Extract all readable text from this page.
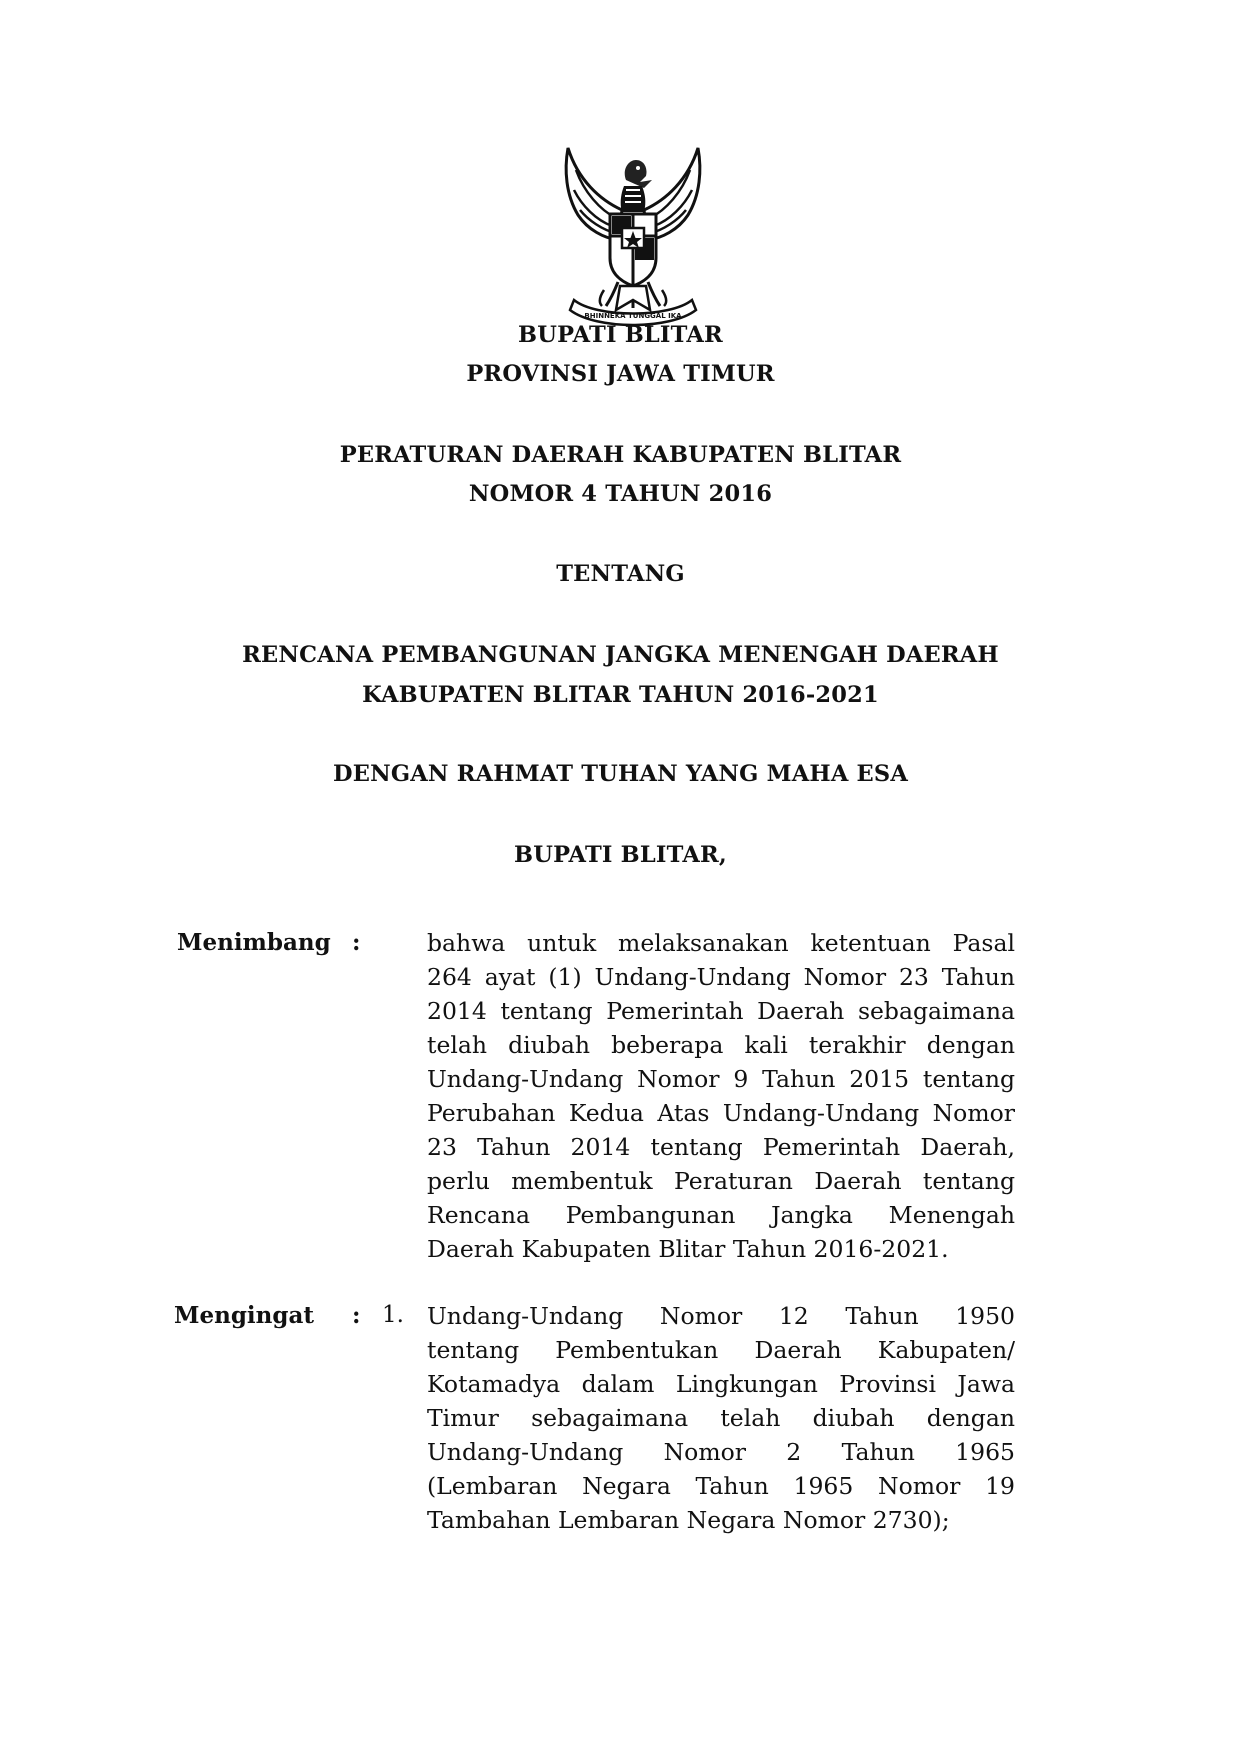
BHINNEKA TUNGGAL IKA
BUPATI BLITAR
PROVINSI JAWA TIMUR
PERATURAN DAERAH KABUPATEN BLITAR
NOMOR 4 TAHUN 2016
TENTANG
RENCANA PEMBANGUNAN JANGKA MENENGAH DAERAH
KABUPATEN BLITAR TAHUN 2016-2021
DENGAN RAHMAT TUHAN YANG MAHA ESA
BUPATI BLITAR,
Menimbang :	bahwa untuk melaksanakan ketentuan Pasal
264 ayat (1) Undang-Undang Nomor 23 Tahun
2014 tentang Pemerintah Daerah sebagaimana
telah diubah beberapa kali terakhir dengan
Undang-Undang Nomor 9 Tahun 2015 tentang
Perubahan Kedua Atas Undang-Undang Nomor
23 Tahun 2014 tentang Pemerintah Daerah,
perlu membentuk Peraturan Daerah tentang
Rencana Pembangunan Jangka Menengah
Daerah Kabupaten Blitar Tahun 2016-2021.
Mengingat : 1. Undang-Undang Nomor 12 Tahun 1950
tentang Pembentukan Daerah Kabupaten/
Kotamadya dalam Lingkungan Provinsi Jawa
Timur sebagaimana telah diubah dengan
Undang-Undang Nomor 2 Tahun 1965
(Lembaran Negara Tahun 1965 Nomor 19
Tambahan Lembaran Negara Nomor 2730);
